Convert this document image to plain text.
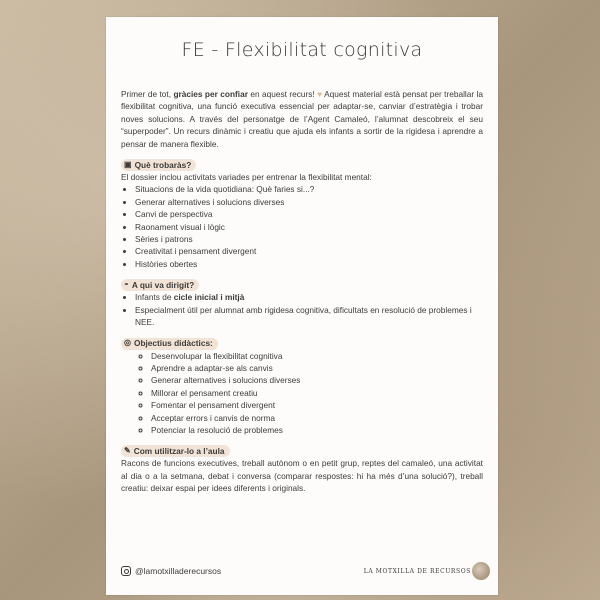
FE - Flexibilitat cognitiva

Primer de tot, gràcies per confiar en aquest recurs! ♥ Aquest material està pensat per treballar la flexibilitat cognitiva, una funció executiva essencial per adaptar-se, canviar d’estratègia i trobar noves solucions. A través del personatge de l’Agent Camaleó, l’alumnat descobreix el seu “superpoder”. Un recurs dinàmic i creatiu que ajuda els infants a sortir de la rigidesa i aprendre a pensar de manera flexible.

▣ Què trobaràs?

El dossier inclou activitats variades per entrenar la flexibilitat mental:

• Situacions de la vida quotidiana: Què faries si...?
• Generar alternatives i solucions diverses
• Canvi de perspectiva
• Raonament visual i lògic
• Sèries i patrons
• Creativitat i pensament divergent
• Històries obertes
◓ A qui va dirigit?
• Infants de cicle inicial i mitjà
• Especialment útil per alumnat amb rigidesa cognitiva, dificultats en resolució de problemes i NEE.
◎ Objectius didàctics:
◦ Desenvolupar la flexibilitat cognitiva
◦ Aprendre a adaptar-se als canvis
◦ Generar alternatives i solucions diverses
◦ Millorar el pensament creatiu
◦ Fomentar el pensament divergent
◦ Acceptar errors i canvis de norma
◦ Potenciar la resolució de problemes
✎ Com utilitzar-lo a l’aula

Racons de funcions executives, treball autònom o en petit grup, reptes del camaleó, una activitat al dia o a la setmana, debat i conversa (comparar respostes: hi ha més d’una solució?), treball creatiu: deixar espai per idees diferents i originals.

@lamotxilladerecursos	LA MOTXILLA DE RECURSOS
